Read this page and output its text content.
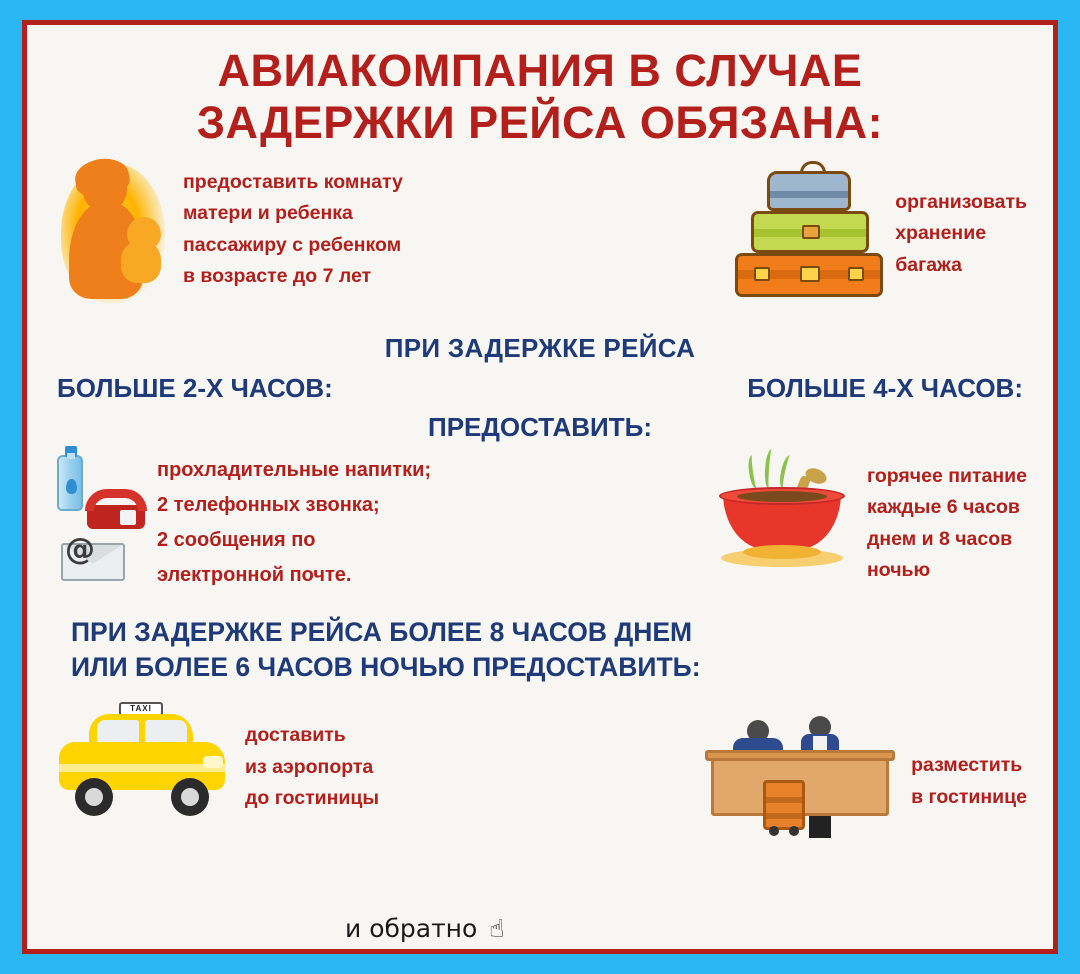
АВИАКОМПАНИЯ В СЛУЧАЕ
ЗАДЕРЖКИ РЕЙСА ОБЯЗАНА:
предоставить комнату
матери и ребенка
пассажиру с ребенком
в возрасте до 7 лет
организовать
хранение
багажа
ПРИ ЗАДЕРЖКЕ РЕЙСА
БОЛЬШЕ 2-Х ЧАСОВ:	БОЛЬШЕ 4-Х ЧАСОВ:
ПРЕДОСТАВИТЬ:
@
прохладительные напитки;
2 телефонных звонка;
2 сообщения по
электронной почте.
горячее питание
каждые 6 часов
днем и 8 часов
ночью
ПРИ ЗАДЕРЖКЕ РЕЙСА БОЛЕЕ 8 ЧАСОВ ДНЕМ
ИЛИ БОЛЕЕ 6 ЧАСОВ НОЧЬЮ ПРЕДОСТАВИТЬ:
TAXI
доставить
из аэропорта
до гостиницы
разместить
в гостинице
и обратно ☝
